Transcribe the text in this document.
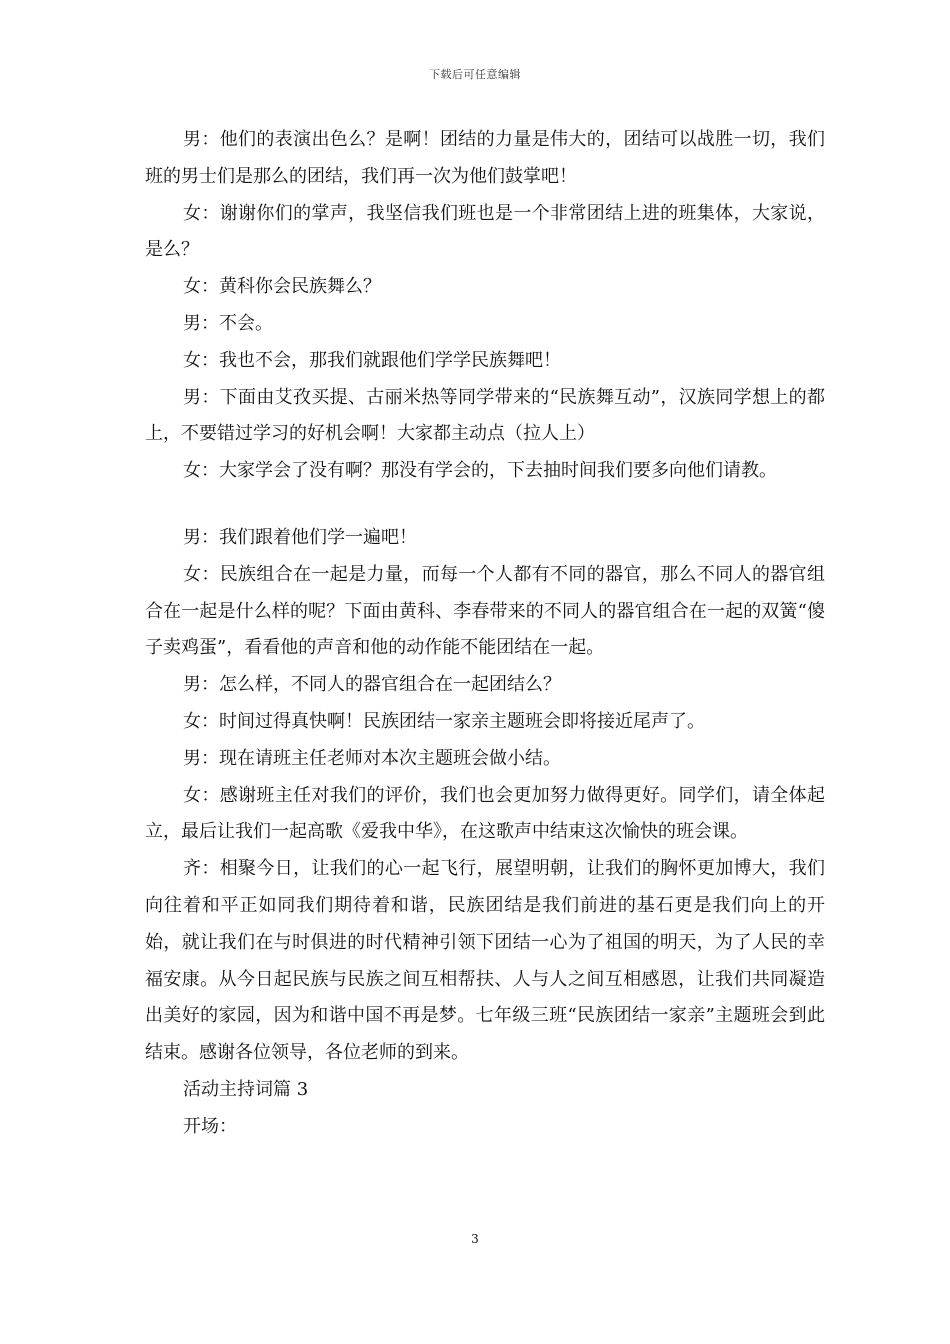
下载后可任意编辑

男：他们的表演出色么？是啊！团结的力量是伟大的，团结可以战胜一切，我们班的男士们是那么的团结，我们再一次为他们鼓掌吧！

女：谢谢你们的掌声，我坚信我们班也是一个非常团结上进的班集体，大家说，是么？

女：黄科你会民族舞么？

男：不会。

女：我也不会，那我们就跟他们学学民族舞吧！

男：下面由艾孜买提、古丽米热等同学带来的“民族舞互动”，汉族同学想上的都上，不要错过学习的好机会啊！大家都主动点（拉人上）

女：大家学会了没有啊？那没有学会的，下去抽时间我们要多向他们请教。

男：我们跟着他们学一遍吧！

女：民族组合在一起是力量，而每一个人都有不同的器官，那么不同人的器官组合在一起是什么样的呢？下面由黄科、李春带来的不同人的器官组合在一起的双簧“傻子卖鸡蛋”，看看他的声音和他的动作能不能团结在一起。

男：怎么样，不同人的器官组合在一起团结么？

女：时间过得真快啊！民族团结一家亲主题班会即将接近尾声了。

男：现在请班主任老师对本次主题班会做小结。

女：感谢班主任对我们的评价，我们也会更加努力做得更好。同学们，请全体起立，最后让我们一起高歌《爱我中华》，在这歌声中结束这次愉快的班会课。

齐：相聚今日，让我们的心一起飞行，展望明朝，让我们的胸怀更加博大，我们向往着和平正如同我们期待着和谐，民族团结是我们前进的基石更是我们向上的开始，就让我们在与时俱进的时代精神引领下团结一心为了祖国的明天，为了人民的幸福安康。从今日起民族与民族之间互相帮扶、人与人之间互相感恩，让我们共同凝造出美好的家园，因为和谐中国不再是梦。七年级三班“民族团结一家亲”主题班会到此结束。感谢各位领导，各位老师的到来。

活动主持词篇 3

开场：

3
